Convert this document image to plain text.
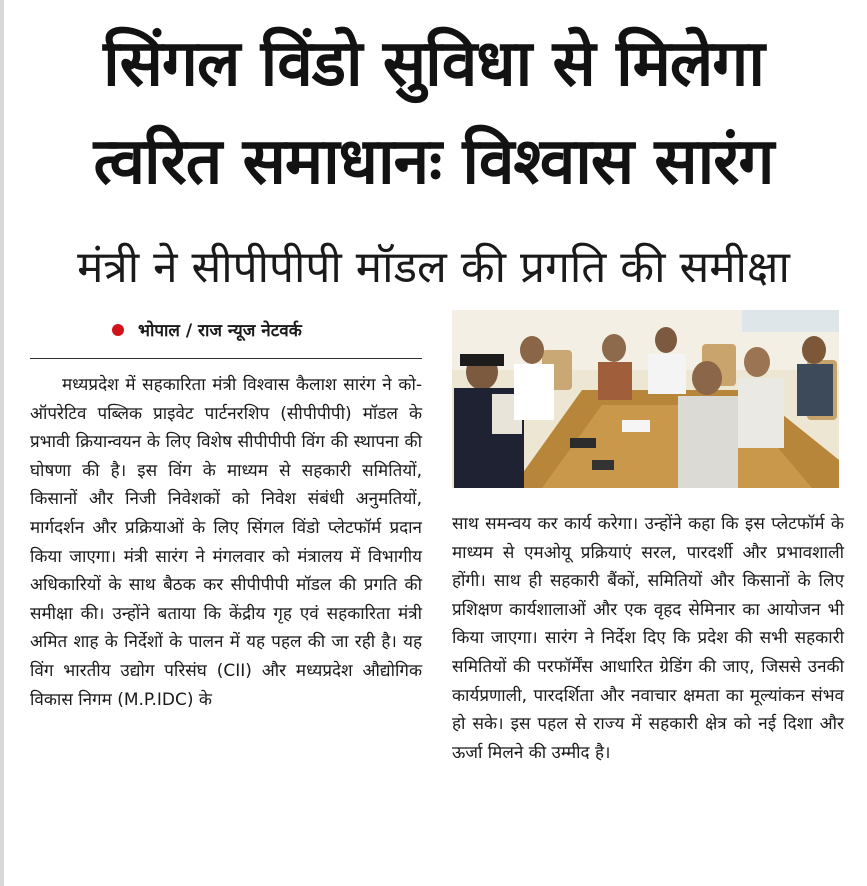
सिंगल विंडो सुविधा से मिलेगा
त्वरित समाधानः विश्वास सारंग
मंत्री ने सीपीपीपी मॉडल की प्रगति की समीक्षा
भोपाल / राज न्यूज नेटवर्क

मध्यप्रदेश में सहकारिता मंत्री विश्वास कैलाश सारंग ने को-ऑपरेटिव पब्लिक प्राइवेट पार्टनरशिप (सीपीपीपी) मॉडल के प्रभावी क्रियान्वयन के लिए विशेष सीपीपीपी विंग की स्थापना की घोषणा की है। इस विंग के माध्यम से सहकारी समितियों, किसानों और निजी निवेशकों को निवेश संबंधी अनुमतियों, मार्गदर्शन और प्रक्रियाओं के लिए सिंगल विंडो प्लेटफॉर्म प्रदान किया जाएगा। मंत्री सारंग ने मंगलवार को मंत्रालय में विभागीय अधिकारियों के साथ बैठक कर सीपीपीपी मॉडल की प्रगति की समीक्षा की। उन्होंने बताया कि केंद्रीय गृह एवं सहकारिता मंत्री अमित शाह के निर्देशों के पालन में यह पहल की जा रही है। यह विंग भारतीय उद्योग परिसंघ (CII) और मध्यप्रदेश औद्योगिक विकास निगम (M.P.IDC) के

साथ समन्वय कर कार्य करेगा। उन्होंने कहा कि इस प्लेटफॉर्म के माध्यम से एमओयू प्रक्रियाएं सरल, पारदर्शी और प्रभावशाली होंगी। साथ ही सहकारी बैंकों, समितियों और किसानों के लिए प्रशिक्षण कार्यशालाओं और एक वृहद सेमिनार का आयोजन भी किया जाएगा। सारंग ने निर्देश दिए कि प्रदेश की सभी सहकारी समितियों की परफॉर्मेंस आधारित ग्रेडिंग की जाए, जिससे उनकी कार्यप्रणाली, पारदर्शिता और नवाचार क्षमता का मूल्यांकन संभव हो सके। इस पहल से राज्य में सहकारी क्षेत्र को नई दिशा और ऊर्जा मिलने की उम्मीद है।
